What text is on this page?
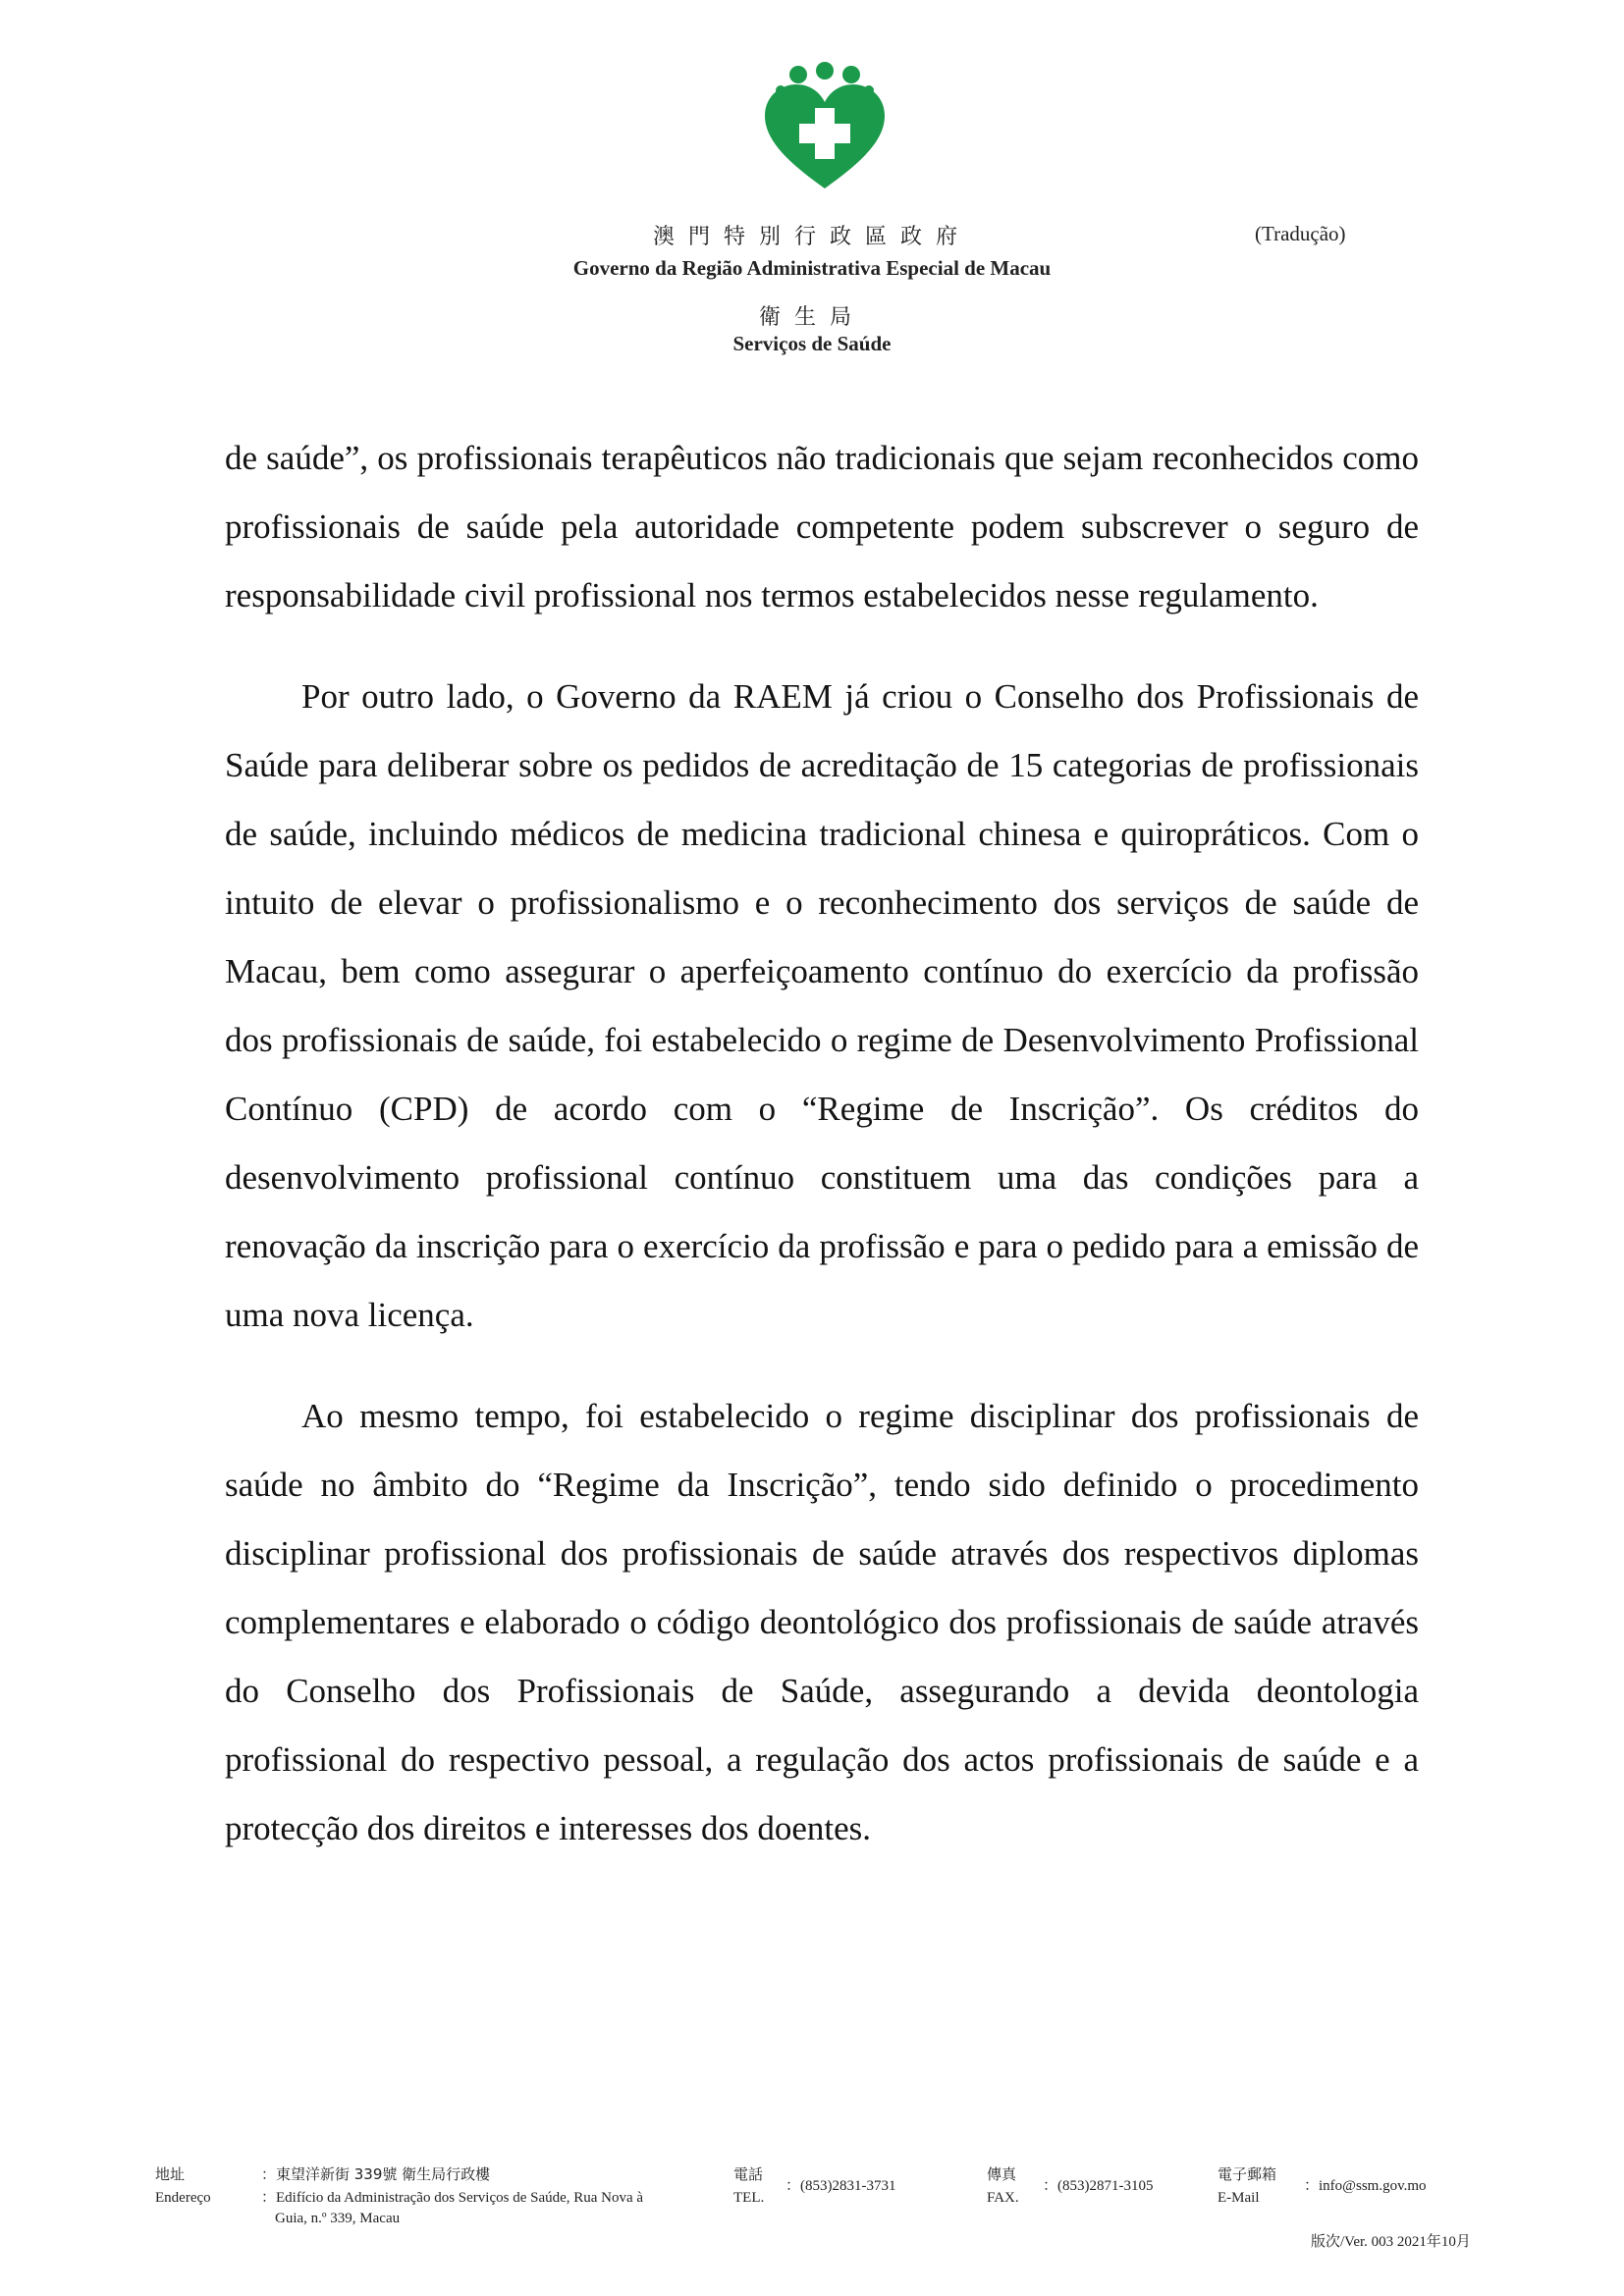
澳門特別行政區政府
Governo da Região Administrativa Especial de Macau
衛生局
Serviços de Saúde
(Tradução)

de saúde”, os profissionais terapêuticos não tradicionais que sejam reconhecidos como profissionais de saúde pela autoridade competente podem subscrever o seguro de responsabilidade civil profissional nos termos estabelecidos nesse regulamento.

Por outro lado, o Governo da RAEM já criou o Conselho dos Profissionais de Saúde para deliberar sobre os pedidos de acreditação de 15 categorias de profissionais de saúde, incluindo médicos de medicina tradicional chinesa e quiropráticos. Com o intuito de elevar o profissionalismo e o reconhecimento dos serviços de saúde de Macau, bem como assegurar o aperfeiçoamento contínuo do exercício da profissão dos profissionais de saúde, foi estabelecido o regime de Desenvolvimento Profissional Contínuo (CPD) de acordo com o “Regime de Inscrição”. Os créditos do desenvolvimento profissional contínuo constituem uma das condições para a renovação da inscrição para o exercício da profissão e para o pedido para a emissão de uma nova licença.

Ao mesmo tempo, foi estabelecido o regime disciplinar dos profissionais de saúde no âmbito do “Regime da Inscrição”, tendo sido definido o procedimento disciplinar profissional dos profissionais de saúde através dos respectivos diplomas complementares e elaborado o código deontológico dos profissionais de saúde através do Conselho dos Profissionais de Saúde, assegurando a devida deontologia profissional do respectivo pessoal, a regulação dos actos profissionais de saúde e a protecção dos direitos e interesses dos doentes.

地址
Endereço
：東望洋新街 339號 衛生局行政樓
：Edifício da Administração dos Serviços de Saúde, Rua Nova à
Guia, n.º 339, Macau
電話
TEL.
：(853)2831-3731
傳真
FAX.
：(853)2871-3105
電子郵箱
E-Mail
：info@ssm.gov.mo
版次/Ver. 003 2021年10月
